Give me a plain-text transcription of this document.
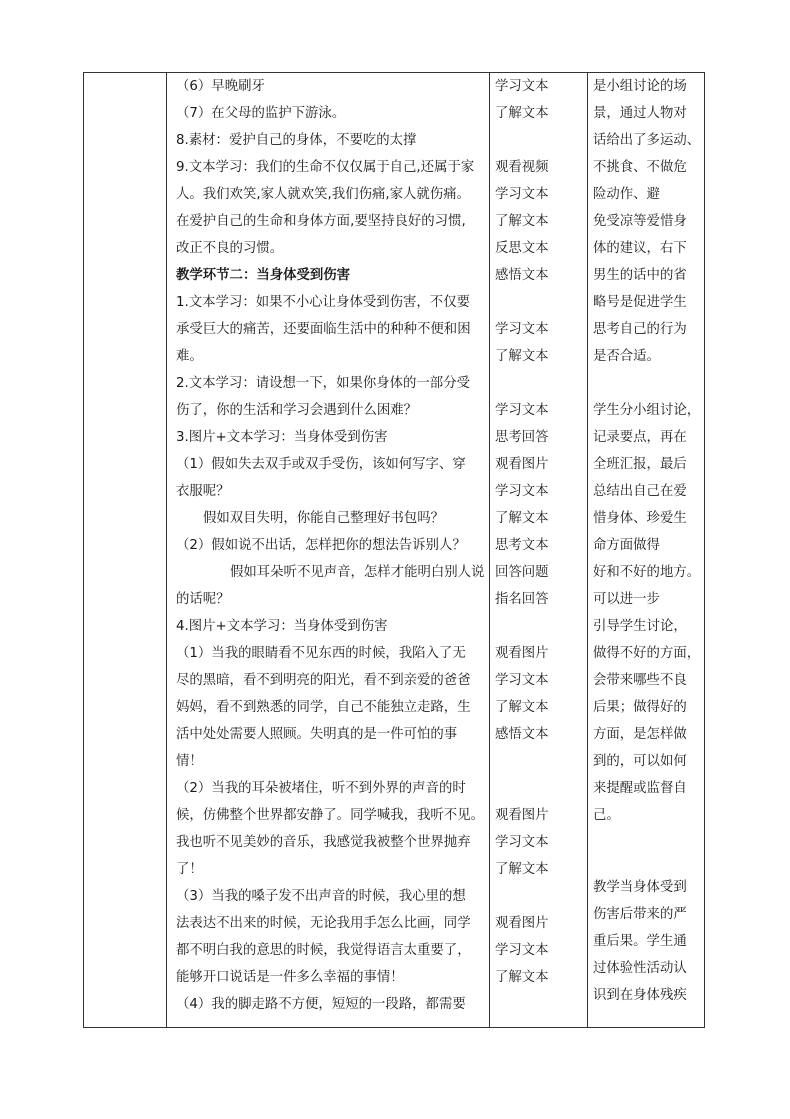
（6）早晚刷牙
（7）在父母的监护下游泳。
8.素材：爱护自己的身体，不要吃的太撑
9.文本学习：我们的生命不仅仅属于自己,还属于家
人。我们欢笑,家人就欢笑,我们伤痛,家人就伤痛。
在爱护自己的生命和身体方面,要坚持良好的习惯,
改正不良的习惯。
教学环节二：当身体受到伤害
1.文本学习：如果不小心让身体受到伤害，不仅要
承受巨大的痛苦，还要面临生活中的种种不便和困
难。
2.文本学习：请设想一下，如果你身体的一部分受
伤了，你的生活和学习会遇到什么困难？
3.图片+文本学习：当身体受到伤害
（1）假如失去双手或双手受伤，该如何写字、穿
衣服呢？
假如双目失明，你能自己整理好书包吗？
（2）假如说不出话，怎样把你的想法告诉别人？
假如耳朵听不见声音，怎样才能明白别人说
的话呢？
4.图片+文本学习：当身体受到伤害
（1）当我的眼睛看不见东西的时候，我陷入了无
尽的黑暗，看不到明亮的阳光，看不到亲爱的爸爸
妈妈，看不到熟悉的同学，自己不能独立走路，生
活中处处需要人照顾。失明真的是一件可怕的事
情！
（2）当我的耳朵被堵住，听不到外界的声音的时
候，仿佛整个世界都安静了。同学喊我，我听不见。
我也听不见美妙的音乐，我感觉我被整个世界抛弃
了！
（3）当我的嗓子发不出声音的时候，我心里的想
法表达不出来的时候，无论我用手怎么比画，同学
都不明白我的意思的时候，我觉得语言太重要了，
能够开口说话是一件多么幸福的事情！
（4）我的脚走路不方便，短短的一段路，都需要
学习文本
了解文本
观看视频
学习文本
了解文本
反思文本
感悟文本
学习文本
了解文本
学习文本
思考回答
观看图片
学习文本
了解文本
思考文本
回答问题
指名回答
观看图片
学习文本
了解文本
感悟文本
观看图片
学习文本
了解文本
观看图片
学习文本
了解文本
是小组讨论的场
景，通过人物对
话给出了多运动、
不挑食、不做危
险动作、避
免受凉等爱惜身
体的建议，右下
男生的话中的省
略号是促进学生
思考自己的行为
是否合适。
学生分小组讨论，
记录要点，再在
全班汇报，最后
总结出自己在爱
惜身体、珍爱生
命方面做得
好和不好的地方。
可以进一步
引导学生讨论，
做得不好的方面，
会带来哪些不良
后果；做得好的
方面，是怎样做
到的，可以如何
来提醒或监督自
己。
教学当身体受到
伤害后带来的严
重后果。学生通
过体验性活动认
识到在身体残疾
